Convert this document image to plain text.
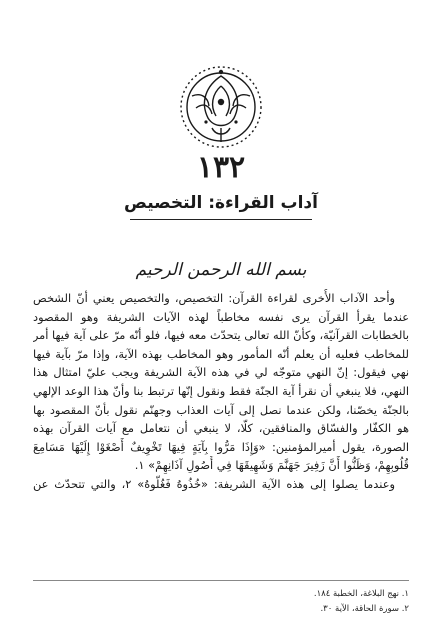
١٣٢
آداب القراءة: التخصيص
بسم الله الرحمن الرحيم
وأحد الآداب الأُخرى لقراءة القرآن: التخصيص، والتخصيص يعني أنّ الشخص
عندما يقرأ القرآن يرى نفسه مخاطباً لهذه الآيات الشريفة وهو المقصود
بالخطابات القرآنيّة، وكأنّ الله تعالى يتحدّث معه فيها، فلو أنّه مرّ على آية فيها أمر
للمخاطب فعليه أن يعلم أنّه المأمور وهو المخاطب بهذه الآية، وإذا مرّ بآية فيها
نهي فيقول: إنّ النهي متوجّه لي في هذه الآية الشريفة ويجب عليّ امتثال هذا
النهي، فلا ينبغي أن نقرأ آية الجنّة فقط ونقول إنّها ترتبط بنا وأنّ هذا الوعد الإلهي
بالجنّة يخصّنا، ولكن عندما نصل إلى آيات العذاب وجهنّم نقول بأنّ المقصود بها
هو الكفّار والفسّاق والمنافقين، كلّا، لا ينبغي أن نتعامل مع آيات القرآن بهذه
الصورة، يقول أميرالمؤمنين: «وَإِذَا مَرُّوا بِآيَةٍ فِيهَا تَخْوِيفٌ أَصْغَوْا إِلَيْهَا مَسَامِعَ
قُلُوبِهِمْ، وَظَنُّوا أَنَّ زَفِيرَ جَهَنَّمَ وَشَهِيقَهَا فِي أُصُولِ آذَانِهِمْ» ١.
وعندما يصلوا إلى هذه الآية الشريفة: «خُذُوهُ فَغُلُّوهُ» ٢، والتي تتحدّث عن
١. نهج البلاغة، الخطبة ١٨٤.
٢. سورة الحاقة، الآية ٣٠.
